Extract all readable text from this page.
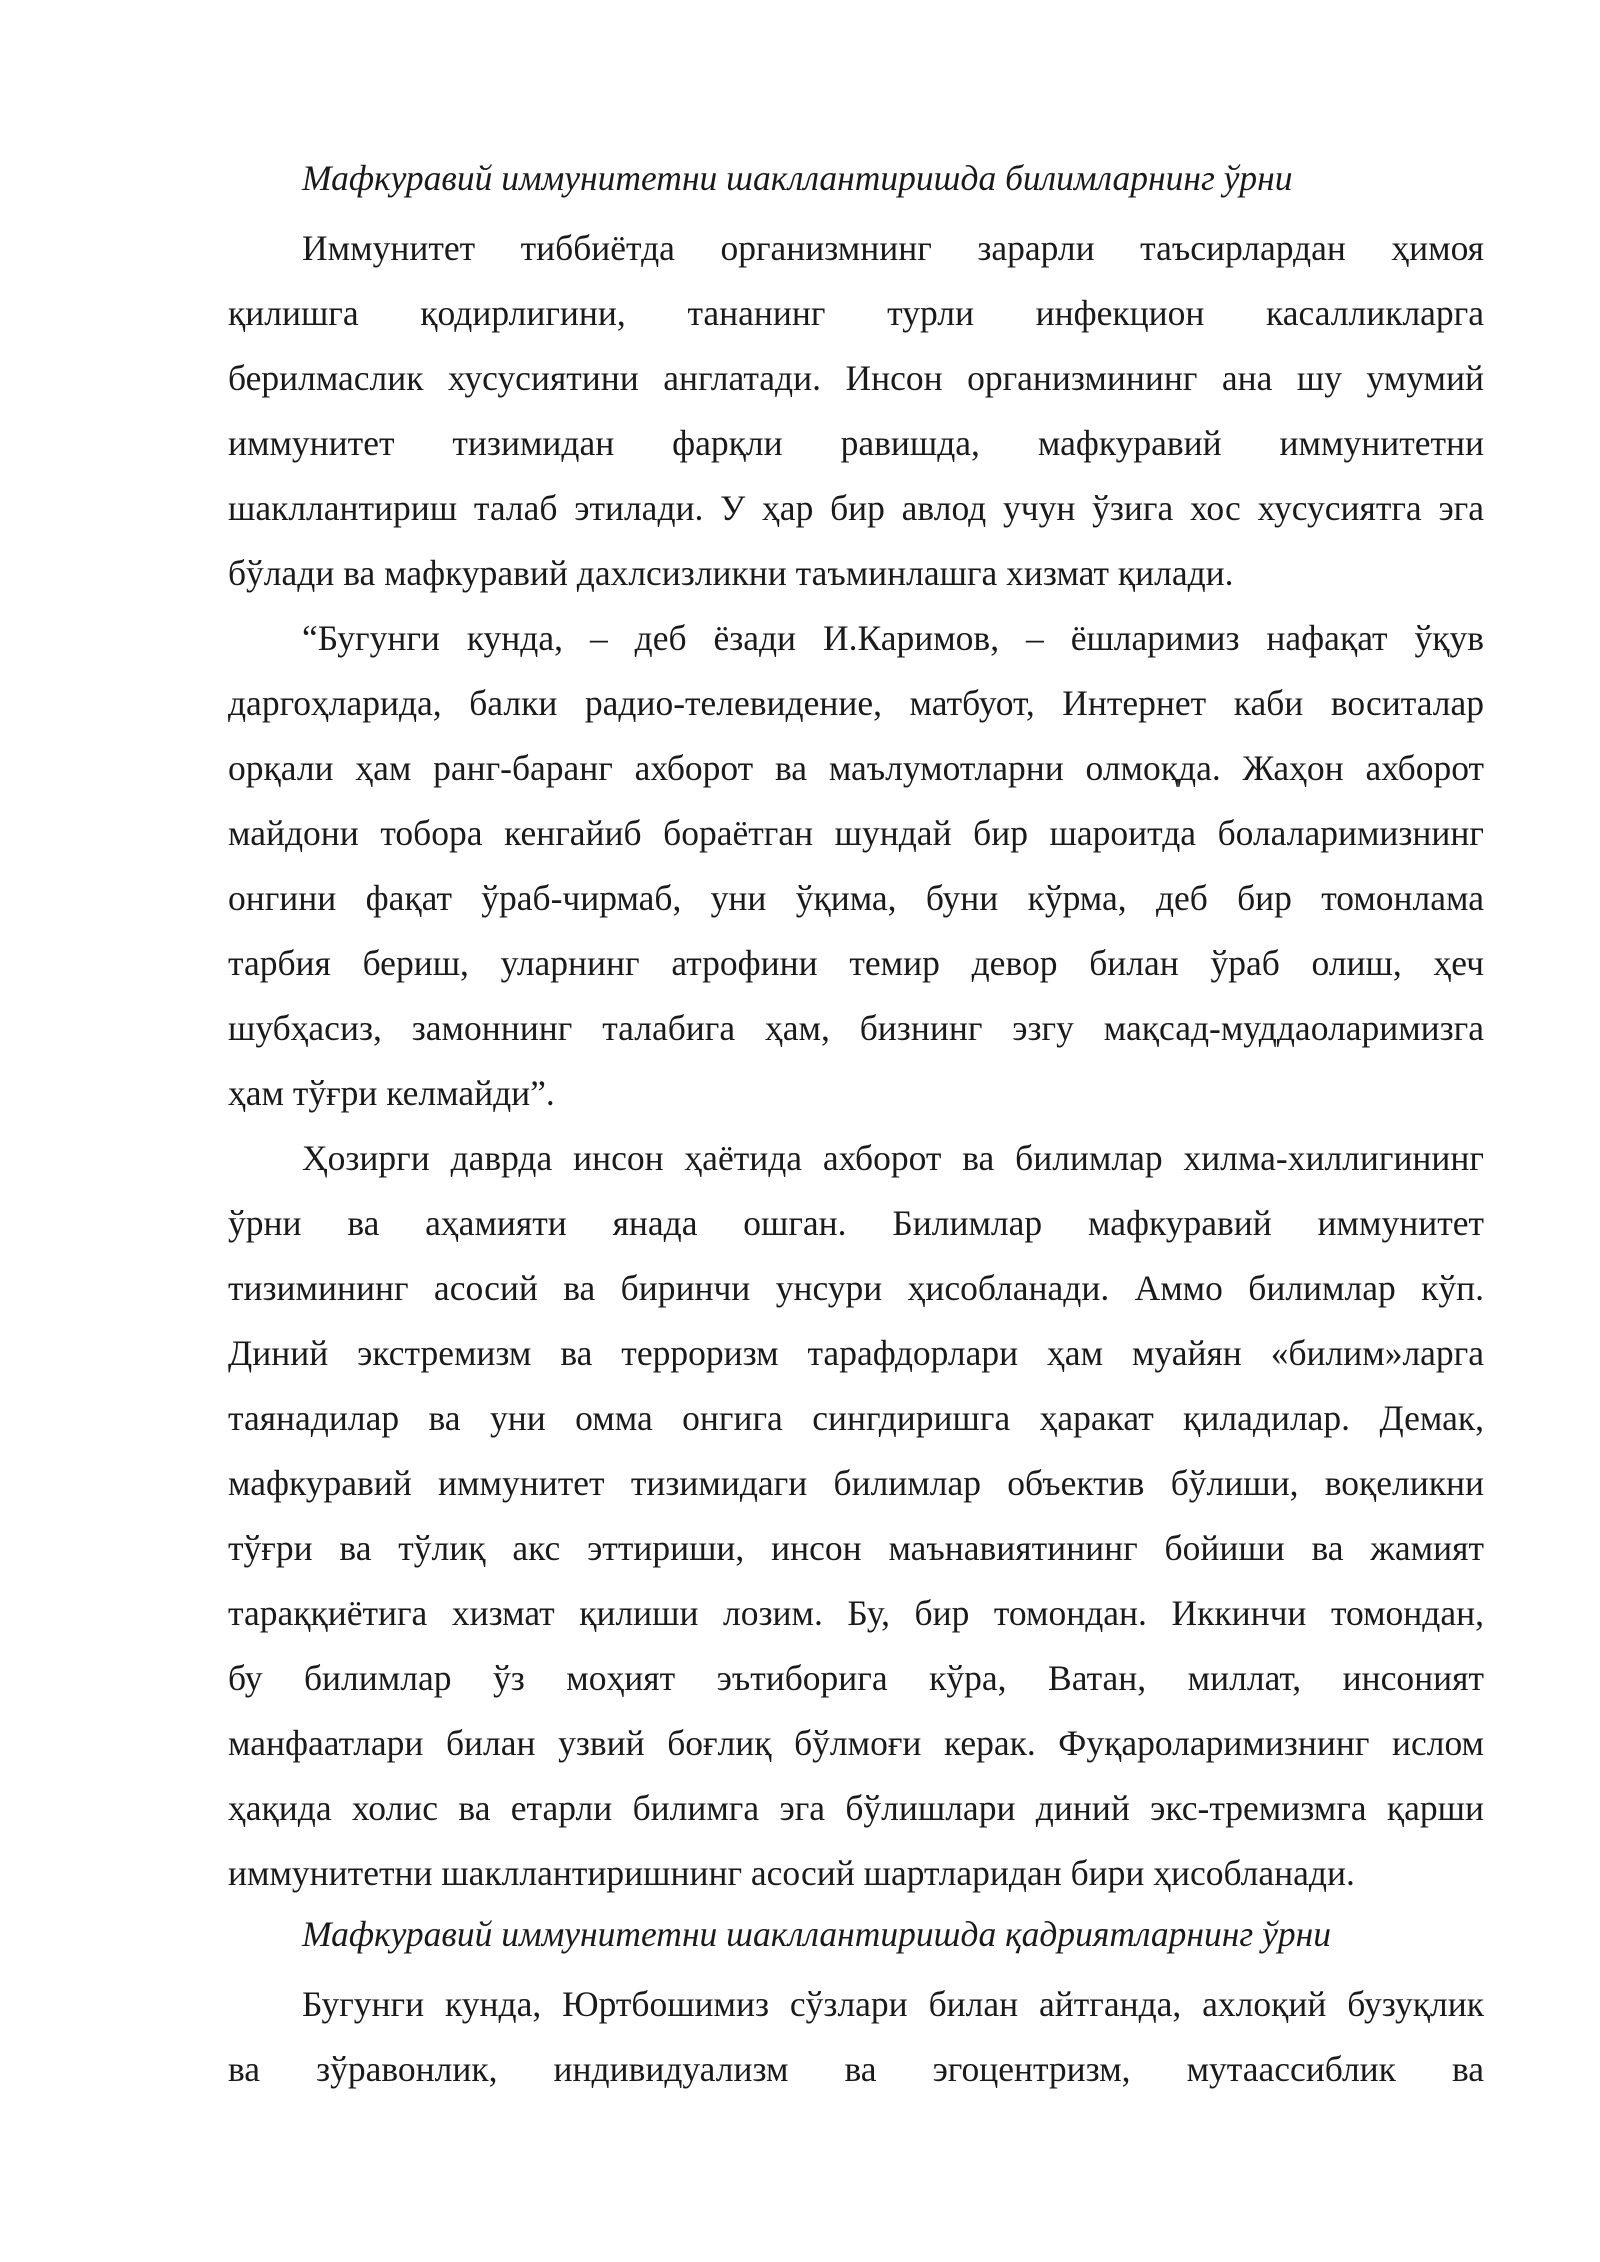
Мафкуравий иммунитетни шакллантиришда билимларнинг ўрни

Иммунитет тиббиётда организмнинг зарарли таъсирлардан ҳимоя
қилишга қодирлигини, тананинг турли инфекцион касалликларга
берилмаслик хусусиятини англатади. Инсон организмининг ана шу умумий
иммунитет тизимидан фарқли равишда, мафкуравий иммунитетни
шакллантириш талаб этилади. У ҳар бир авлод учун ўзига хос хусусиятга эга
бўлади ва мафкуравий дахлсизликни таъминлашга хизмат қилади.
“Бугунги кунда, – деб ёзади И.Каримов, – ёшларимиз нафақат ўқув
даргоҳларида, балки радио-телевидение, матбуот, Интернет каби воситалар
орқали ҳам ранг-баранг ахборот ва маълумотларни олмоқда. Жаҳон ахборот
майдони тобора кенгайиб бораётган шундай бир шароитда болаларимизнинг
онгини фақат ўраб-чирмаб, уни ўқима, буни кўрма, деб бир томонлама
тарбия бериш, уларнинг атрофини темир девор билан ўраб олиш, ҳеч
шубҳасиз, замоннинг талабига ҳам, бизнинг эзгу мақсад-муддаоларимизга
ҳам тўғри келмайди”.
Ҳозирги даврда инсон ҳаётида ахборот ва билимлар хилма-хиллигининг
ўрни ва аҳамияти янада ошган. Билимлар мафкуравий иммунитет
тизимининг асосий ва биринчи унсури ҳисобланади. Аммо билимлар кўп.
Диний экстремизм ва терроризм тарафдорлари ҳам муайян «билим»ларга
таянадилар ва уни омма онгига сингдиришга ҳаракат қиладилар. Демак,
мафкуравий иммунитет тизимидаги билимлар объектив бўлиши, воқеликни
тўғри ва тўлиқ акс эттириши, инсон маънавиятининг бойиши ва жамият
тараққиётига хизмат қилиши лозим. Бу, бир томондан. Иккинчи томондан,
бу билимлар ўз моҳият эътиборига кўра, Ватан, миллат, инсоният
манфаатлари билан узвий боғлиқ бўлмоғи керак. Фуқароларимизнинг ислом
ҳақида холис ва етарли билимга эга бўлишлари диний экс-тремизмга қарши
иммунитетни шакллантиришнинг асосий шартларидан бири ҳисобланади.

Мафкуравий иммунитетни шакллантиришда қадриятларнинг ўрни

Бугунги кунда, Юртбошимиз сўзлари билан айтганда, ахлоқий бузуқлик
ва зўравонлик, индивидуализм ва эгоцентризм, мутаассиблик ва
